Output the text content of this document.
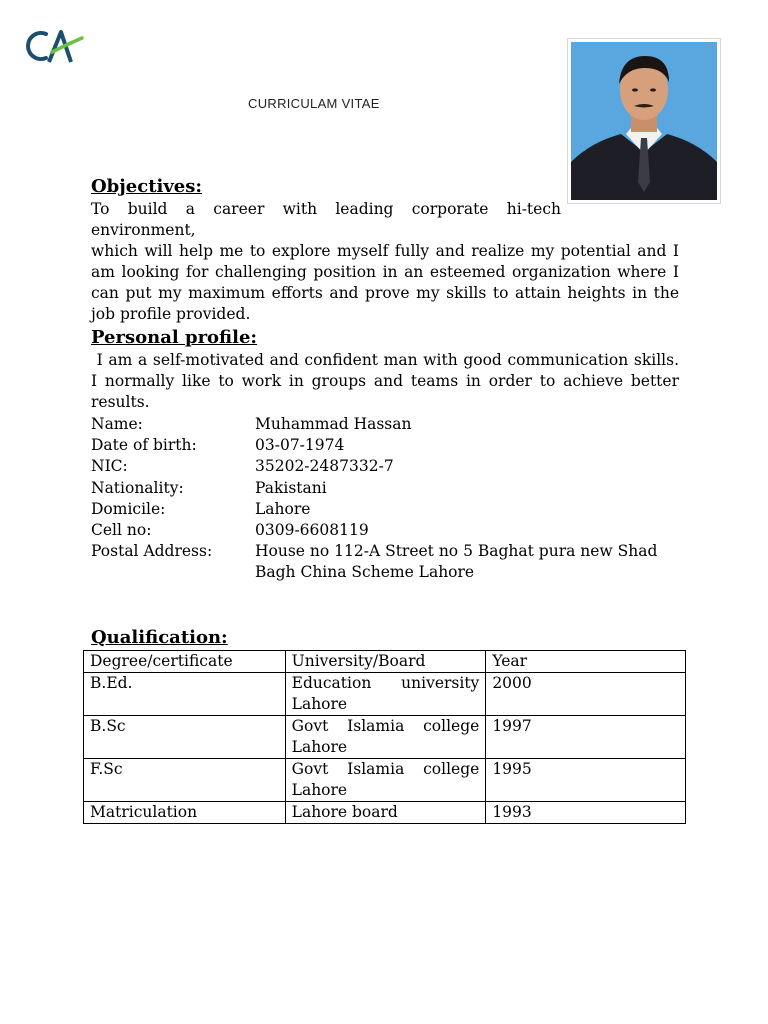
CURRICULAM VITAE
Objectives:

To build a career with leading corporate hi-tech environment,

which will help me to explore myself fully and realize my potential and I am looking for challenging position in an esteemed organization where I can put my maximum efforts and prove my skills to attain heights in the job profile provided.

Personal profile:
I am a self-motivated and confident man with good communication skills. I normally like to work in groups and teams in order to achieve better results.
Name:	Muhammad Hassan
Date of birth:	03-07-1974
NIC:	35202-2487332-7
Nationality:	Pakistani
Domicile:	Lahore
Cell no:	0309-6608119
Postal Address:	House no 112-A Street no 5 Baghat pura new Shad Bagh China Scheme Lahore
Qualification:
Degree/certificate	University/Board	Year
B.Ed.	Education university Lahore	2000
B.Sc	Govt Islamia college Lahore	1997
F.Sc	Govt Islamia college Lahore	1995
Matriculation	Lahore board	1993
